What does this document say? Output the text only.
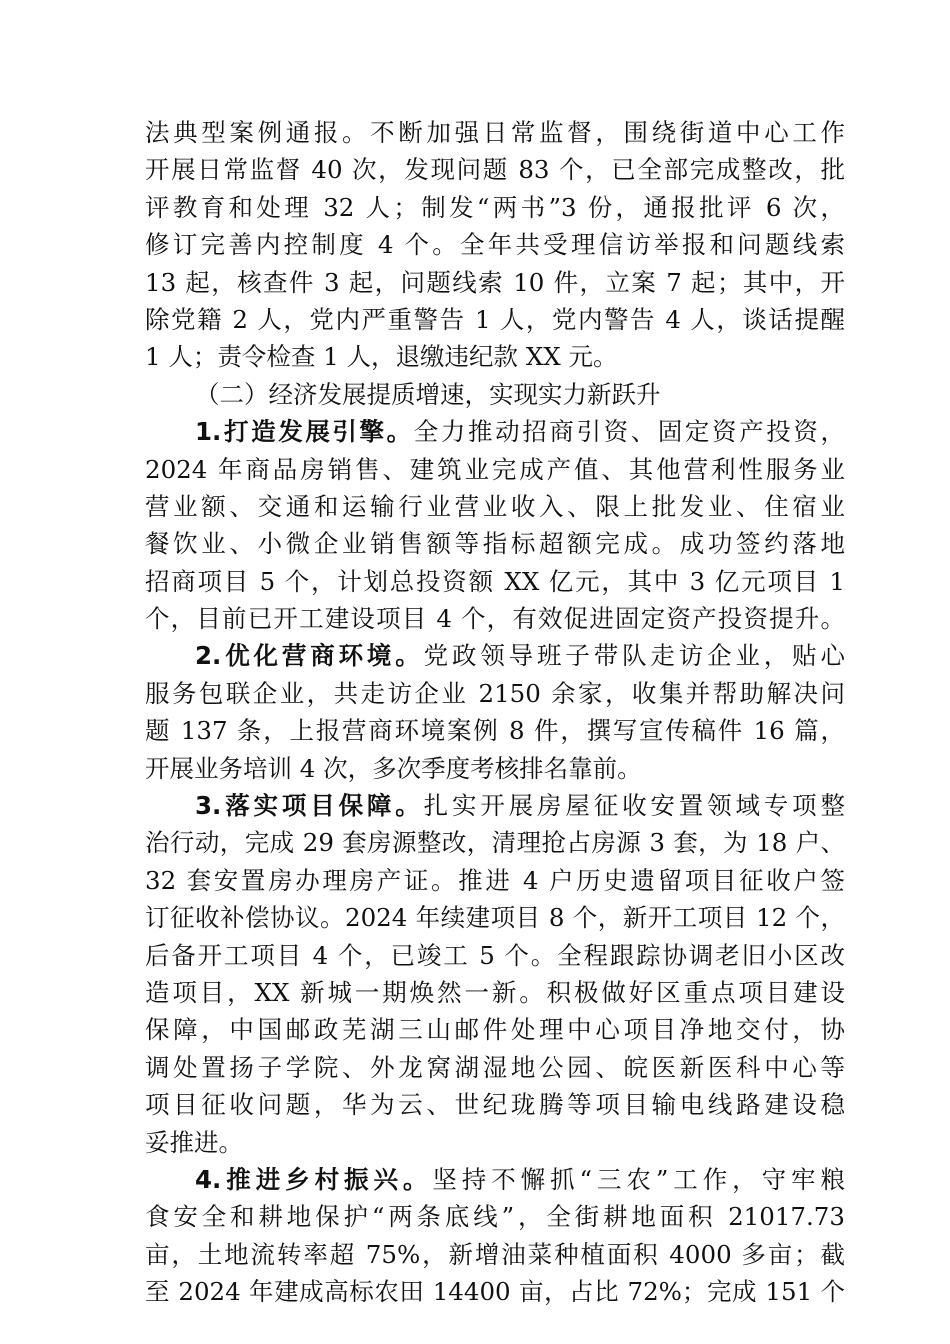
法典型案例通报。不断加强日常监督，围绕街道中心工作
开展日常监督 40 次，发现问题 83 个，已全部完成整改，批
评教育和处理 32 人；制发“两书”3 份，通报批评 6 次，
修订完善内控制度 4 个。全年共受理信访举报和问题线索
13 起，核查件 3 起，问题线索 10 件，立案 7 起；其中，开
除党籍 2 人，党内严重警告 1 人，党内警告 4 人，谈话提醒
1 人；责令检查 1 人，退缴违纪款 XX 元。
（二）经济发展提质增速，实现实力新跃升
1.打造发展引擎。全力推动招商引资、固定资产投资，
2024 年商品房销售、建筑业完成产值、其他营利性服务业
营业额、交通和运输行业营业收入、限上批发业、住宿业
餐饮业、小微企业销售额等指标超额完成。成功签约落地
招商项目 5 个，计划总投资额 XX 亿元，其中 3 亿元项目 1
个，目前已开工建设项目 4 个，有效促进固定资产投资提升。
2.优化营商环境。党政领导班子带队走访企业，贴心
服务包联企业，共走访企业 2150 余家，收集并帮助解决问
题 137 条，上报营商环境案例 8 件，撰写宣传稿件 16 篇，
开展业务培训 4 次，多次季度考核排名靠前。
3.落实项目保障。扎实开展房屋征收安置领域专项整
治行动，完成 29 套房源整改，清理抢占房源 3 套，为 18 户、
32 套安置房办理房产证。推进 4 户历史遗留项目征收户签
订征收补偿协议。2024 年续建项目 8 个，新开工项目 12 个，
后备开工项目 4 个，已竣工 5 个。全程跟踪协调老旧小区改
造项目，XX 新城一期焕然一新。积极做好区重点项目建设
保障，中国邮政芜湖三山邮件处理中心项目净地交付，协
调处置扬子学院、外龙窝湖湿地公园、皖医新医科中心等
项目征收问题，华为云、世纪珑腾等项目输电线路建设稳
妥推进。
4.推进乡村振兴。坚持不懈抓“三农”工作，守牢粮
食安全和耕地保护“两条底线”，全街耕地面积 21017.73
亩，土地流转率超 75%，新增油菜种植面积 4000 多亩；截
至 2024 年建成高标农田 14400 亩，占比 72%；完成 151 个
